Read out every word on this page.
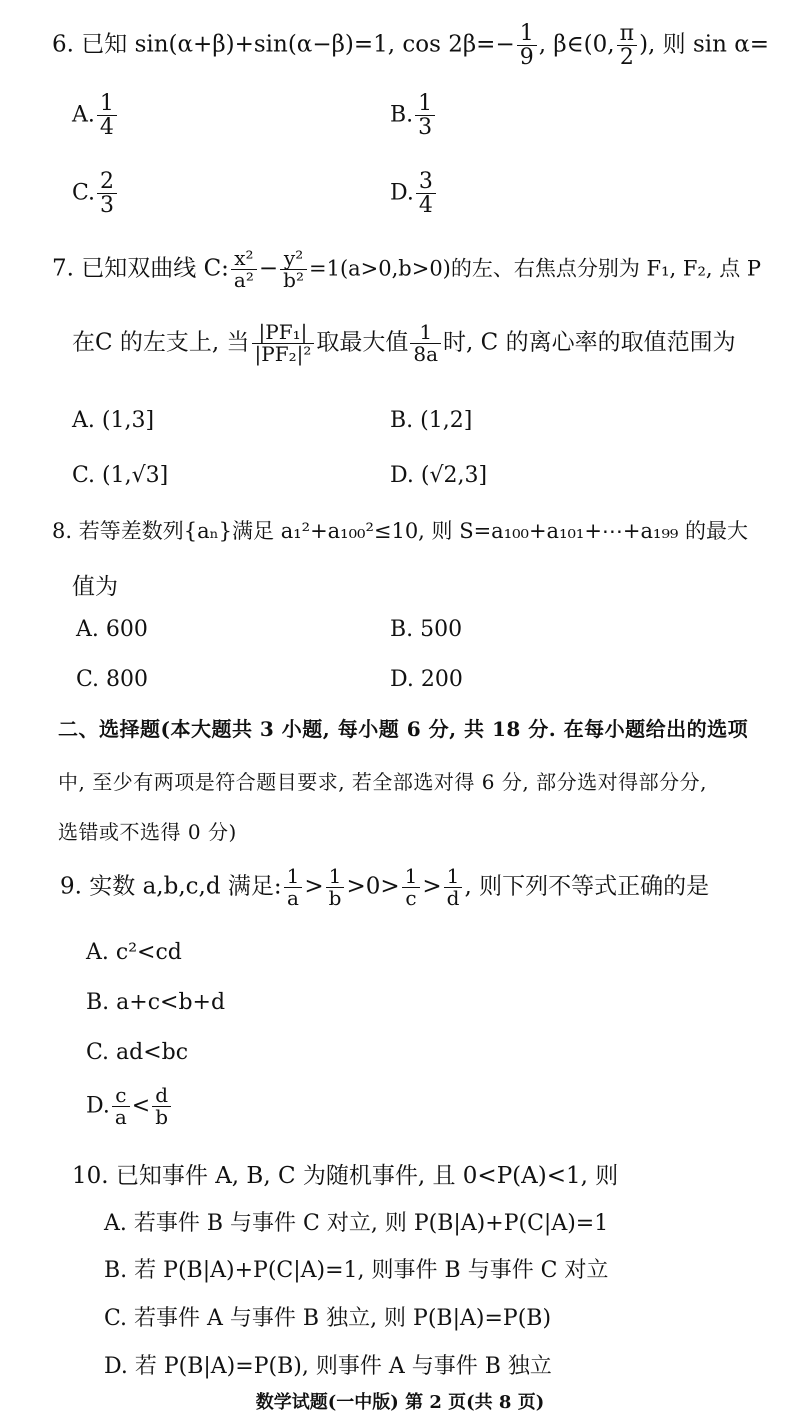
6. 已知 sin(α+β)+sin(α−β)=1, $\cos 2\beta=- \frac{1}{9}$ , β∈(0, $\frac{\pi}{2}$ ), 则 sin α=
A. $\frac{1}{4}$	B. $\frac{1}{3}$
C. $\frac{2}{3}$	D. $\frac{3}{4}$
7. 已知双曲线 C: $\frac{\text{x²}}{\text{a²}} - \frac{\text{y²}}{\text{b²}} =1(a>0,b>0)$的左、右焦点分别为 F₁, F₂, 点 P
在C 的左支上, 当 $\frac{\text{|PF₁|}}{\text{|PF₂|²}}$ 取最大值 $\frac{1}{8a}$ 时, C 的离心率的取值范围为
A. (1,3]	B. (1,2]
C. (1,√3]	D. (√2,3]
8. 若等差数列{aₙ}满足 a₁²+a₁₀₀²≤10, 则 S=a₁₀₀+a₁₀₁+⋯+a₁₉₉ 的最大
值为
A. 600	B. 500
C. 800	D. 200
二、选择题(本大题共 3 小题, 每小题 6 分, 共 18 分. 在每小题给出的选项
中, 至少有两项是符合题目要求, 若全部选对得 6 分, 部分选对得部分分,
选错或不选得 0 分)
9. 实数 a,b,c,d 满足: $\frac{1}{a} > \frac{1}{b} >0> \frac{1}{c} > \frac{1}{d}$ , 则下列不等式正确的是
A. c²<cd
B. a+c<b+d
C. ad<bc
D. $\frac{c}{a} < \frac{d}{b}$
10. 已知事件 A, B, C 为随机事件, 且 0<P(A)<1, 则
A. 若事件 B 与事件 C 对立, 则 P(B|A)+P(C|A)=1
B. 若 P(B|A)+P(C|A)=1, 则事件 B 与事件 C 对立
C. 若事件 A 与事件 B 独立, 则 P(B|A)=P(B)
D. 若 P(B|A)=P(B), 则事件 A 与事件 B 独立
数学试题(一中版) 第 2 页(共 8 页)
